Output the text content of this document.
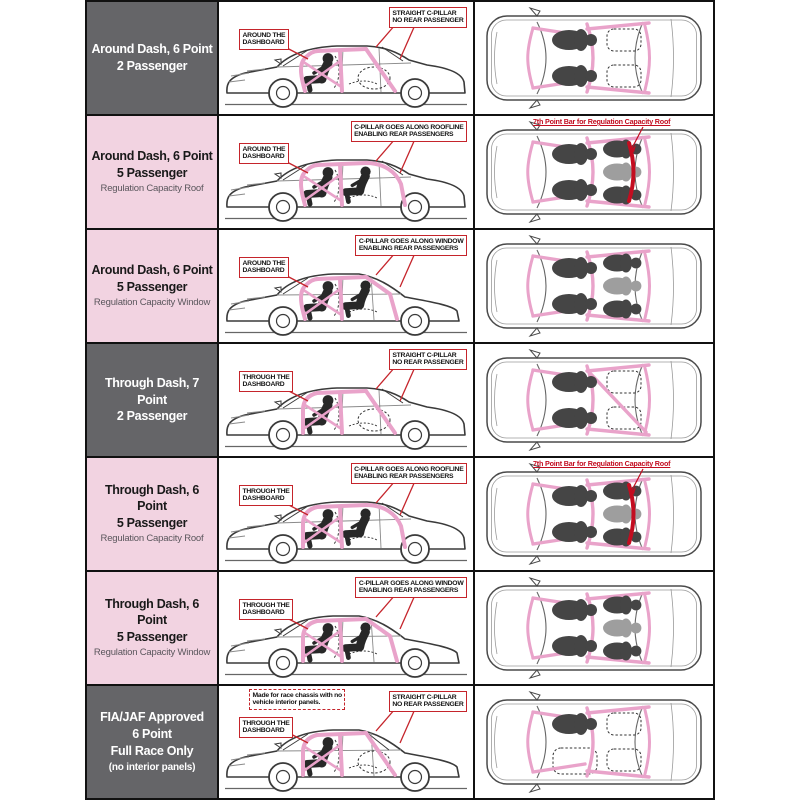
Around Dash, 6 Point
2 Passenger
AROUND THE
DASHBOARD
STRAIGHT C-PILLAR
NO REAR PASSENGER
Around Dash, 6 Point
5 Passenger
Regulation Capacity Roof
AROUND THE
DASHBOARD
C-PILLAR GOES ALONG ROOFLINE
ENABLING REAR PASSENGERS
7th Point Bar for Regulation Capacity Roof
Around Dash, 6 Point
5 Passenger
Regulation Capacity Window
AROUND THE
DASHBOARD
C-PILLAR GOES ALONG WINDOW
ENABLING REAR PASSENGERS
Through Dash, 7 Point
2 Passenger
THROUGH THE
DASHBOARD
STRAIGHT C-PILLAR
NO REAR PASSENGER
Through Dash, 6 Point
5 Passenger
Regulation Capacity Roof
THROUGH THE
DASHBOARD
C-PILLAR GOES ALONG ROOFLINE
ENABLING REAR PASSENGERS
7th Point Bar for Regulation Capacity Roof
Through Dash, 6 Point
5 Passenger
Regulation Capacity Window
THROUGH THE
DASHBOARD
C-PILLAR GOES ALONG WINDOW
ENABLING REAR PASSENGERS
FIA/JAF Approved
6 Point
Full Race Only
(no interior panels)
Made for race chassis with no
vehicle interior panels.
THROUGH THE
DASHBOARD
STRAIGHT C-PILLAR
NO REAR PASSENGER
